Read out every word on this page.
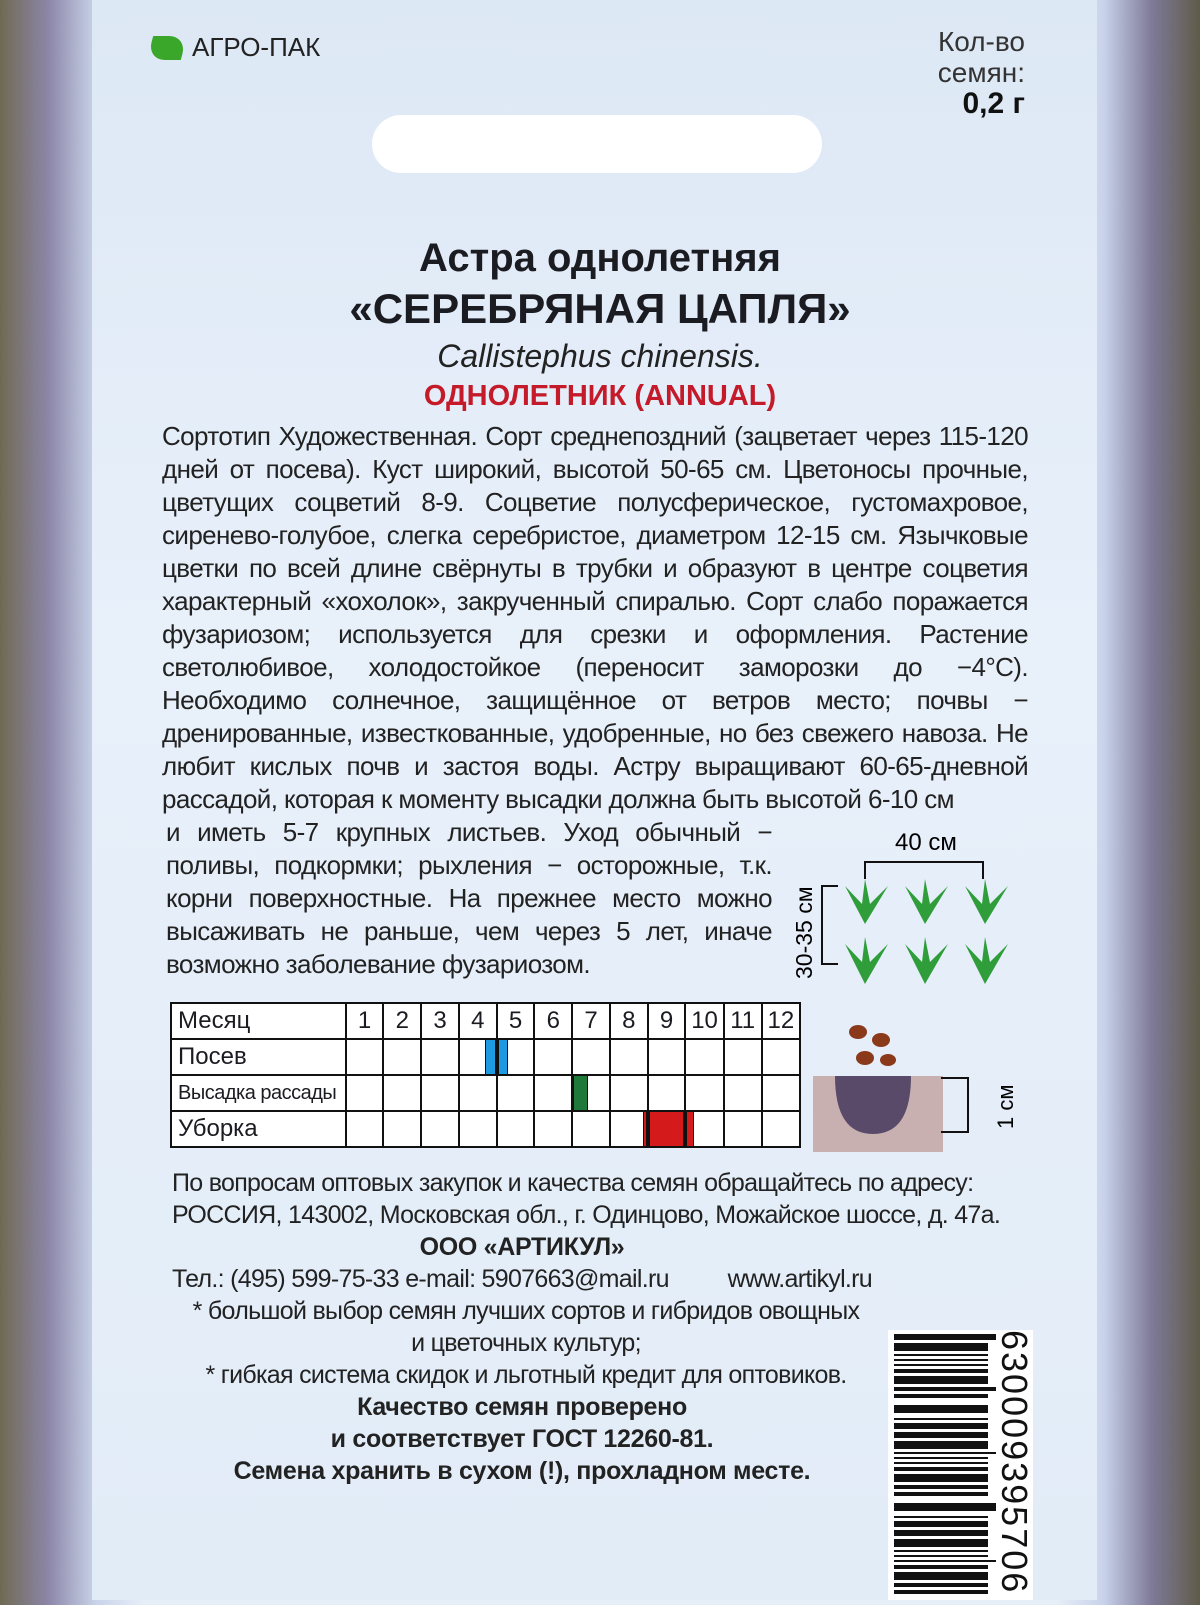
АГРО-ПАК	Кол-во
семян:
0,2 г
Астра однолетняя
«СЕРЕБРЯНАЯ ЦАПЛЯ»
Callistephus chinensis.
ОДНОЛЕТНИК (ANNUAL)
Сортотип Художественная. Сорт среднепоздний (зацветает через 115-120 дней от посева). Куст широкий, высотой 50-65 см. Цветоносы прочные, цветущих соцветий 8-9. Соцветие полусферическое, густомахровое, сиренево-голубое, слегка серебристое, диаметром 12-15 см. Язычковые цветки по всей длине свёрнуты в трубки и образуют в центре соцветия характерный «хохолок», закрученный спиралью. Сорт слабо поражается фузариозом; используется для срезки и оформления. Растение светолюбивое, холодостойкое (переносит заморозки до −4°C). Необходимо солнечное, защищённое от ветров место; почвы − дренированные, известкованные, удобренные, но без свежего навоза. Не любит кислых почв и застоя воды. Астру выращивают 60-65-дневной рассадой, которая к моменту высадки должна быть высотой 6-10 см
и иметь 5-7 крупных листьев. Уход обычный − поливы, подкормки; рыхления − осторожные, т.к. корни поверхностные. На прежнее место можно высаживать не раньше, чем через 5 лет, иначе возможно заболевание фузариозом.
40 см
30-35 см
Месяц	1	2	3	4	5	6	7	8	9	10	11	12
Посев				

Высадка рассады							

Уборка								

			1 см
По вопросам оптовых закупок и качества семян обращайтесь по адресу:
РОССИЯ, 143002, Московская обл., г. Одинцово, Можайское шоссе, д. 47а.
ООО «АРТИКУЛ»
Тел.: (495) 599-75-33 e-mail: 5907663@mail.ru www.artikyl.ru
* большой выбор семян лучших сортов и гибридов овощных
и цветочных культур;
* гибкая система скидок и льготный кредит для оптовиков.
Качество семян проверено
и соответствует ГОСТ 12260-81.
Семена хранить в сухом (!), прохладном месте.	630009395706
